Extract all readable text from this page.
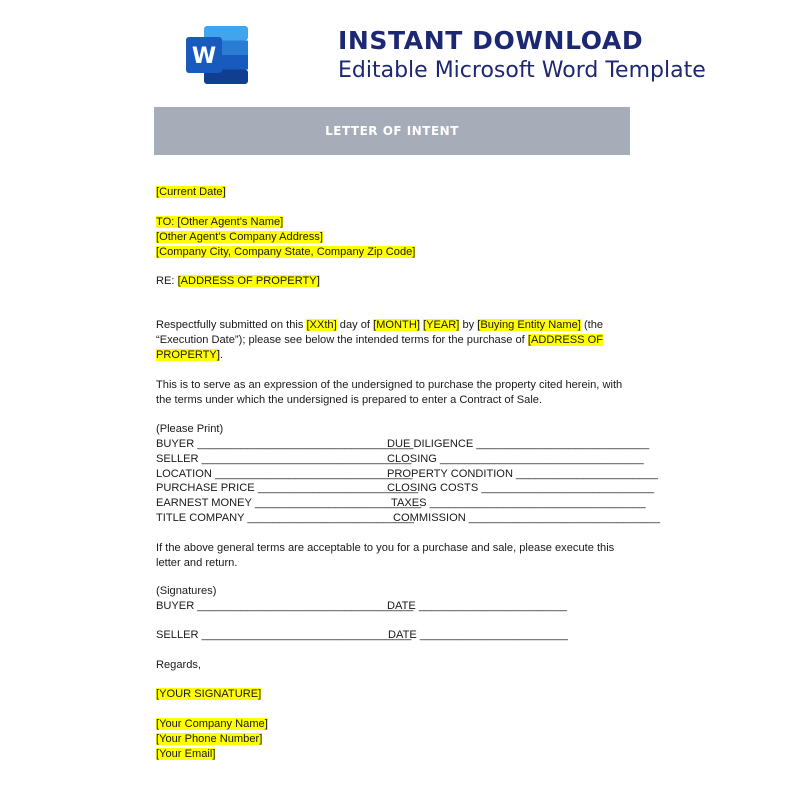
W
INSTANT DOWNLOAD
Editable Microsoft Word Template
LETTER OF INTENT
[Current Date]
TO: [Other Agent’s Name]
[Other Agent’s Company Address]
[Company City, Company State, Company Zip Code]
RE: [ADDRESS OF PROPERTY]
Respectfully submitted on this [XXth] day of [MONTH] [YEAR] by [Buying Entity Name] (the
“Execution Date”); please see below the intended terms for the purchase of [ADDRESS OF
PROPERTY].
This is to serve as an expression of the undersigned to purchase the property cited herein, with
the terms under which the undersigned is prepared to enter a Contract of Sale.
(Please Print)
BUYER ___________________________________
DUE DILIGENCE ____________________________
SELLER __________________________________
CLOSING _________________________________
LOCATION ________________________________
PROPERTY CONDITION _______________________
PURCHASE PRICE __________________________
CLOSING COSTS ____________________________
EARNEST MONEY ___________________________
TAXES ___________________________________
TITLE COMPANY ___________________________
COMMISSION _______________________________
If the above general terms are acceptable to you for a purchase and sale, please execute this
letter and return.
(Signatures)
BUYER ___________________________________
DATE ________________________
SELLER __________________________________
DATE ________________________
Regards,
[YOUR SIGNATURE]
[Your Company Name]
[Your Phone Number]
[Your Email]
